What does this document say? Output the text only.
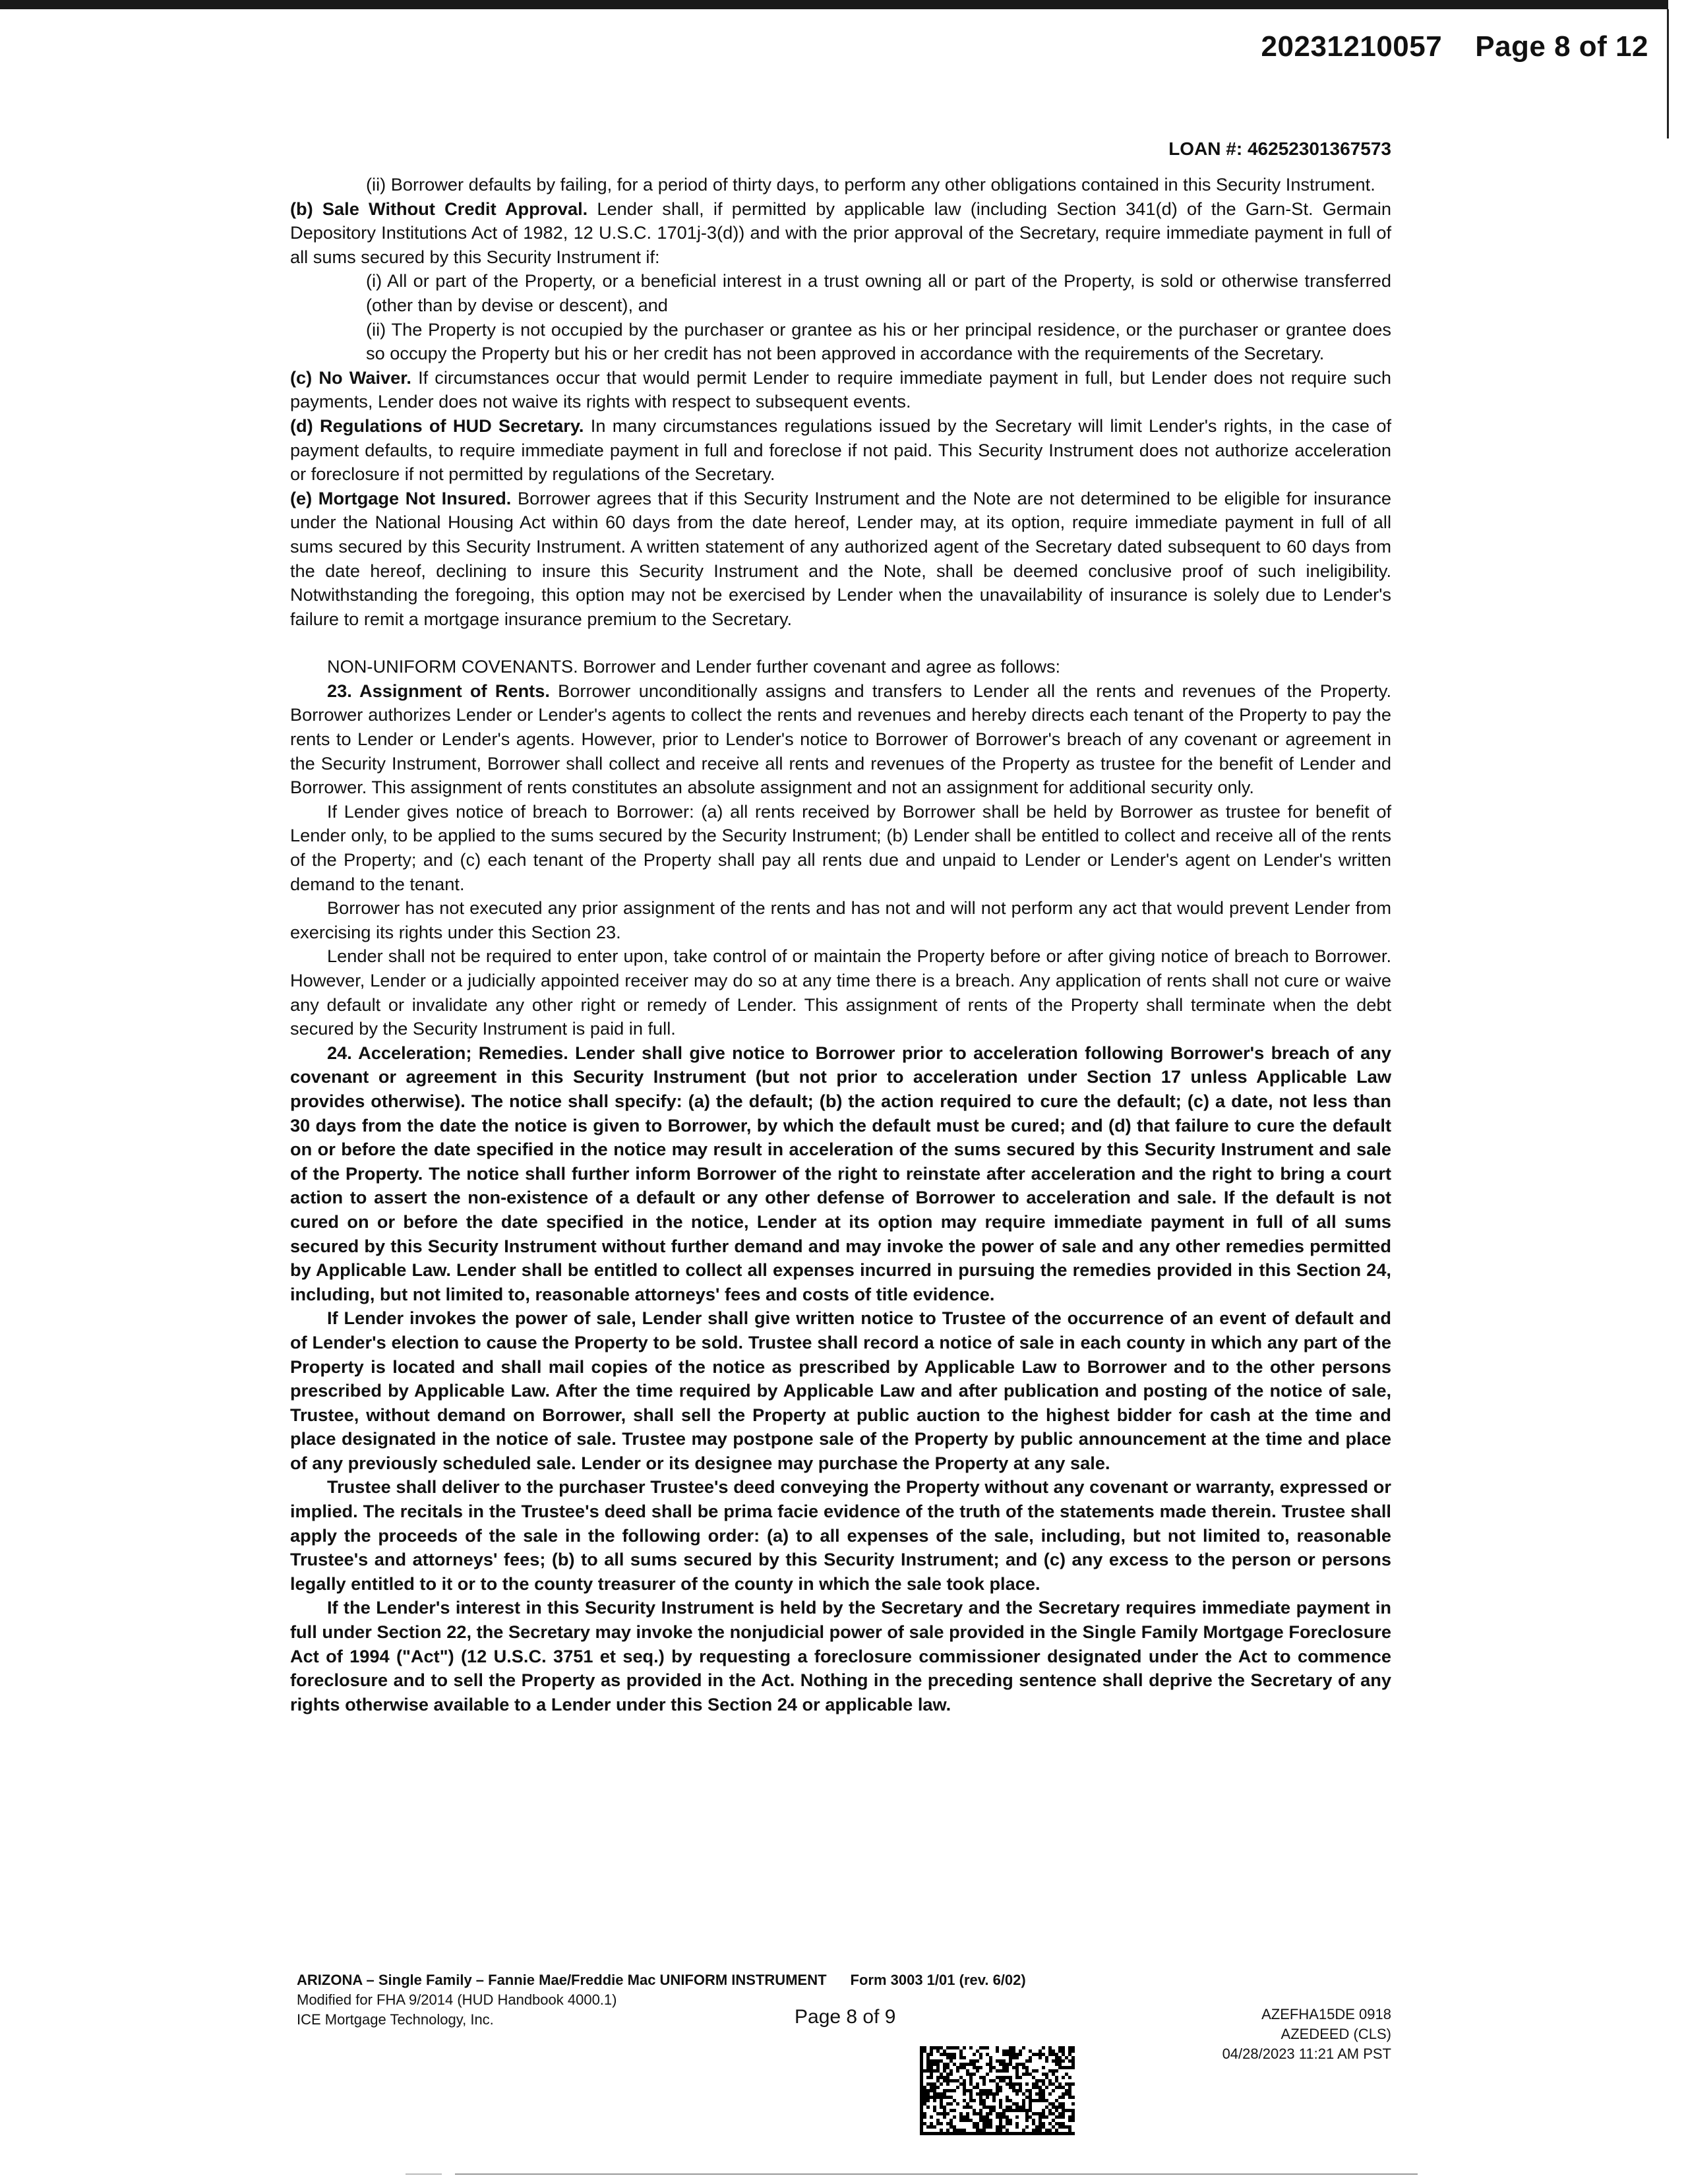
20231210057 Page 8 of 12
LOAN #: 46252301367573

(ii) Borrower defaults by failing, for a period of thirty days, to perform any other obligations contained in this Security Instrument.

(b) Sale Without Credit Approval. Lender shall, if permitted by applicable law (including Section 341(d) of the Garn-St. Germain Depository Institutions Act of 1982, 12 U.S.C. 1701j-3(d)) and with the prior approval of the Secretary, require immediate payment in full of all sums secured by this Security Instrument if:

(i) All or part of the Property, or a beneficial interest in a trust owning all or part of the Property, is sold or otherwise transferred (other than by devise or descent), and

(ii) The Property is not occupied by the purchaser or grantee as his or her principal residence, or the purchaser or grantee does so occupy the Property but his or her credit has not been approved in accordance with the requirements of the Secretary.

(c) No Waiver. If circumstances occur that would permit Lender to require immediate payment in full, but Lender does not require such payments, Lender does not waive its rights with respect to subsequent events.

(d) Regulations of HUD Secretary. In many circumstances regulations issued by the Secretary will limit Lender's rights, in the case of payment defaults, to require immediate payment in full and foreclose if not paid. This Security Instrument does not authorize acceleration or foreclosure if not permitted by regulations of the Secretary.

(e) Mortgage Not Insured. Borrower agrees that if this Security Instrument and the Note are not determined to be eligible for insurance under the National Housing Act within 60 days from the date hereof, Lender may, at its option, require immediate payment in full of all sums secured by this Security Instrument. A written statement of any authorized agent of the Secretary dated subsequent to 60 days from the date hereof, declining to insure this Security Instrument and the Note, shall be deemed conclusive proof of such ineligibility. Notwithstanding the foregoing, this option may not be exercised by Lender when the unavailability of insurance is solely due to Lender's failure to remit a mortgage insurance premium to the Secretary.

NON-UNIFORM COVENANTS. Borrower and Lender further covenant and agree as follows:

23. Assignment of Rents. Borrower unconditionally assigns and transfers to Lender all the rents and revenues of the Property. Borrower authorizes Lender or Lender's agents to collect the rents and revenues and hereby directs each tenant of the Property to pay the rents to Lender or Lender's agents. However, prior to Lender's notice to Borrower of Borrower's breach of any covenant or agreement in the Security Instrument, Borrower shall collect and receive all rents and revenues of the Property as trustee for the benefit of Lender and Borrower. This assignment of rents constitutes an absolute assignment and not an assignment for additional security only.

If Lender gives notice of breach to Borrower: (a) all rents received by Borrower shall be held by Borrower as trustee for benefit of Lender only, to be applied to the sums secured by the Security Instrument; (b) Lender shall be entitled to collect and receive all of the rents of the Property; and (c) each tenant of the Property shall pay all rents due and unpaid to Lender or Lender's agent on Lender's written demand to the tenant.

Borrower has not executed any prior assignment of the rents and has not and will not perform any act that would prevent Lender from exercising its rights under this Section 23.

Lender shall not be required to enter upon, take control of or maintain the Property before or after giving notice of breach to Borrower. However, Lender or a judicially appointed receiver may do so at any time there is a breach. Any application of rents shall not cure or waive any default or invalidate any other right or remedy of Lender. This assignment of rents of the Property shall terminate when the debt secured by the Security Instrument is paid in full.

24. Acceleration; Remedies. Lender shall give notice to Borrower prior to acceleration following Borrower's breach of any covenant or agreement in this Security Instrument (but not prior to acceleration under Section 17 unless Applicable Law provides otherwise). The notice shall specify: (a) the default; (b) the action required to cure the default; (c) a date, not less than 30 days from the date the notice is given to Borrower, by which the default must be cured; and (d) that failure to cure the default on or before the date specified in the notice may result in acceleration of the sums secured by this Security Instrument and sale of the Property. The notice shall further inform Borrower of the right to reinstate after acceleration and the right to bring a court action to assert the non-existence of a default or any other defense of Borrower to acceleration and sale. If the default is not cured on or before the date specified in the notice, Lender at its option may require immediate payment in full of all sums secured by this Security Instrument without further demand and may invoke the power of sale and any other remedies permitted by Applicable Law. Lender shall be entitled to collect all expenses incurred in pursuing the remedies provided in this Section 24, including, but not limited to, reasonable attorneys' fees and costs of title evidence.

If Lender invokes the power of sale, Lender shall give written notice to Trustee of the occurrence of an event of default and of Lender's election to cause the Property to be sold. Trustee shall record a notice of sale in each county in which any part of the Property is located and shall mail copies of the notice as prescribed by Applicable Law to Borrower and to the other persons prescribed by Applicable Law. After the time required by Applicable Law and after publication and posting of the notice of sale, Trustee, without demand on Borrower, shall sell the Property at public auction to the highest bidder for cash at the time and place designated in the notice of sale. Trustee may postpone sale of the Property by public announcement at the time and place of any previously scheduled sale. Lender or its designee may purchase the Property at any sale.

Trustee shall deliver to the purchaser Trustee's deed conveying the Property without any covenant or warranty, expressed or implied. The recitals in the Trustee's deed shall be prima facie evidence of the truth of the statements made therein. Trustee shall apply the proceeds of the sale in the following order: (a) to all expenses of the sale, including, but not limited to, reasonable Trustee's and attorneys' fees; (b) to all sums secured by this Security Instrument; and (c) any excess to the person or persons legally entitled to it or to the county treasurer of the county in which the sale took place.

If the Lender's interest in this Security Instrument is held by the Secretary and the Secretary requires immediate payment in full under Section 22, the Secretary may invoke the nonjudicial power of sale provided in the Single Family Mortgage Foreclosure Act of 1994 ("Act") (12 U.S.C. 3751 et seq.) by requesting a foreclosure commissioner designated under the Act to commence foreclosure and to sell the Property as provided in the Act. Nothing in the preceding sentence shall deprive the Secretary of any rights otherwise available to a Lender under this Section 24 or applicable law.

ARIZONA – Single Family – Fannie Mae/Freddie Mac UNIFORM INSTRUMENT Form 3003 1/01 (rev. 6/02)
Modified for FHA 9/2014 (HUD Handbook 4000.1)
ICE Mortgage Technology, Inc.	Page 8 of 9	AZEFHA15DE 0918
AZEDEED (CLS)
04/28/2023 11:21 AM PST
